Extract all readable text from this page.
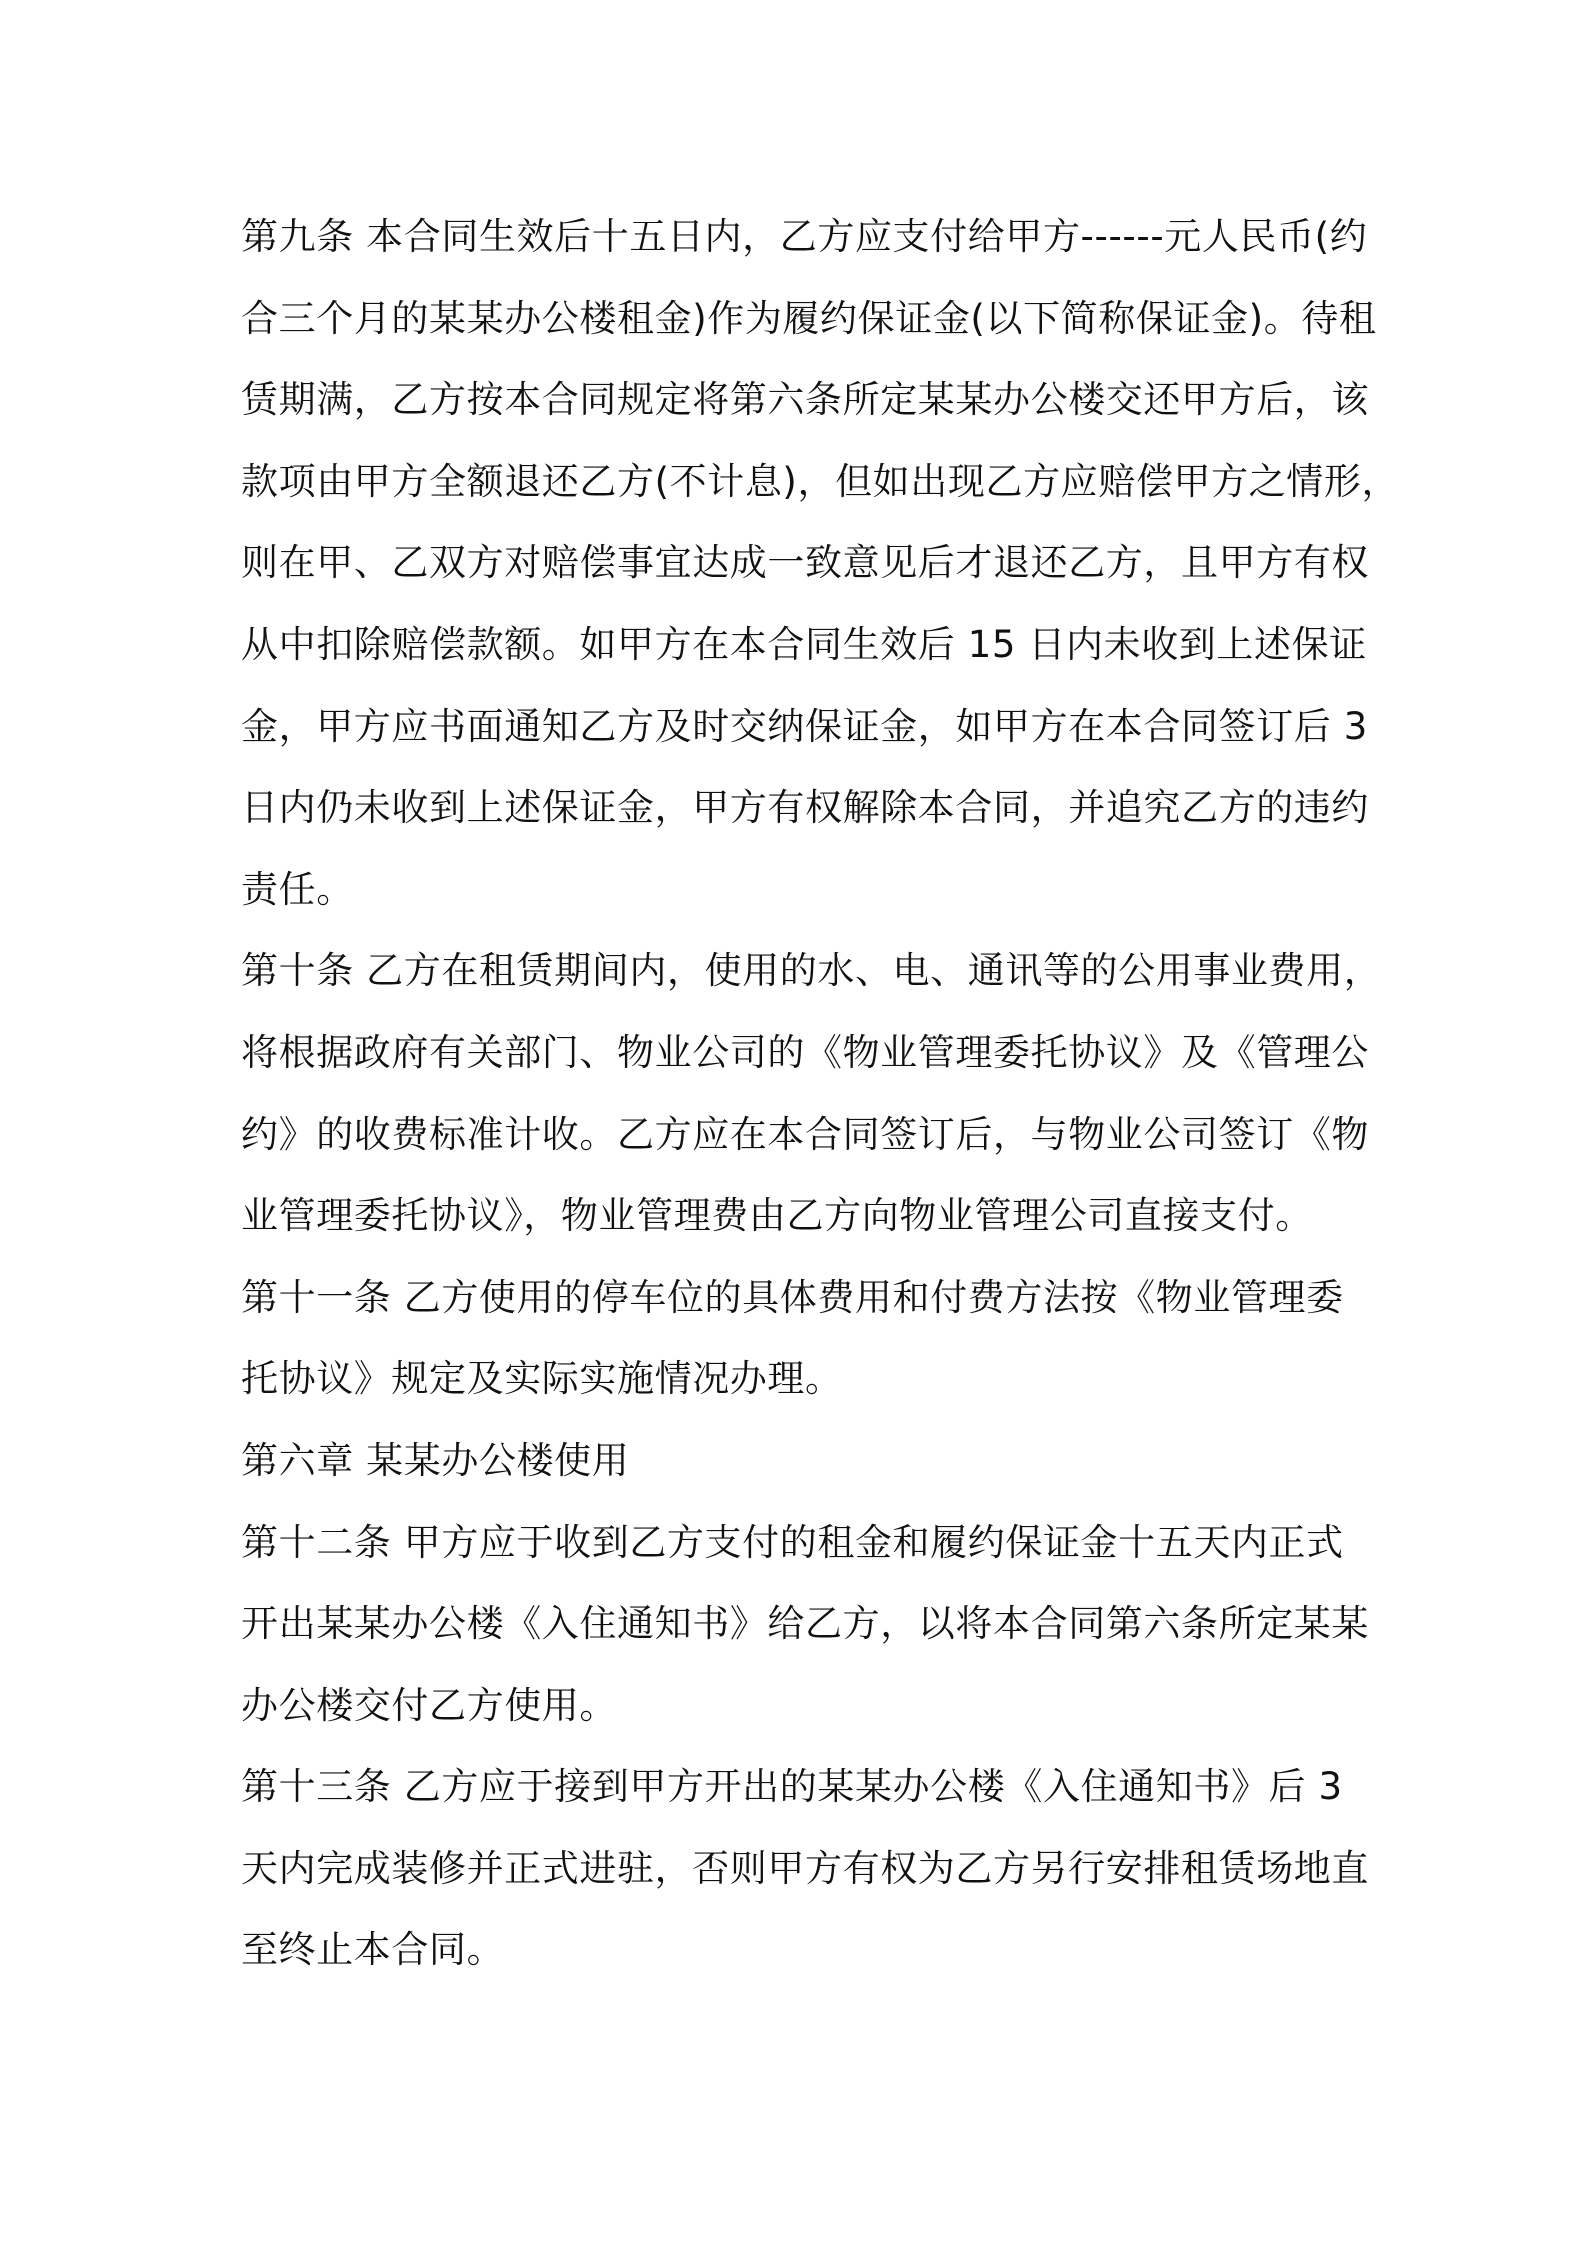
第九条 本合同生效后十五日内，乙方应支付给甲方------元人民币(约
合三个月的某某办公楼租金)作为履约保证金(以下简称保证金)。待租
赁期满，乙方按本合同规定将第六条所定某某办公楼交还甲方后，该
款项由甲方全额退还乙方(不计息)，但如出现乙方应赔偿甲方之情形，
则在甲、乙双方对赔偿事宜达成一致意见后才退还乙方，且甲方有权
从中扣除赔偿款额。如甲方在本合同生效后 15 日内未收到上述保证
金，甲方应书面通知乙方及时交纳保证金，如甲方在本合同签订后 3
日内仍未收到上述保证金，甲方有权解除本合同，并追究乙方的违约
责任。
第十条 乙方在租赁期间内，使用的水、电、通讯等的公用事业费用，
将根据政府有关部门、物业公司的《物业管理委托协议》及《管理公
约》的收费标准计收。乙方应在本合同签订后，与物业公司签订《物
业管理委托协议》，物业管理费由乙方向物业管理公司直接支付。
第十一条 乙方使用的停车位的具体费用和付费方法按《物业管理委
托协议》规定及实际实施情况办理。
第六章 某某办公楼使用
第十二条 甲方应于收到乙方支付的租金和履约保证金十五天内正式
开出某某办公楼《入住通知书》给乙方，以将本合同第六条所定某某
办公楼交付乙方使用。
第十三条 乙方应于接到甲方开出的某某办公楼《入住通知书》后 3
天内完成装修并正式进驻，否则甲方有权为乙方另行安排租赁场地直
至终止本合同。
